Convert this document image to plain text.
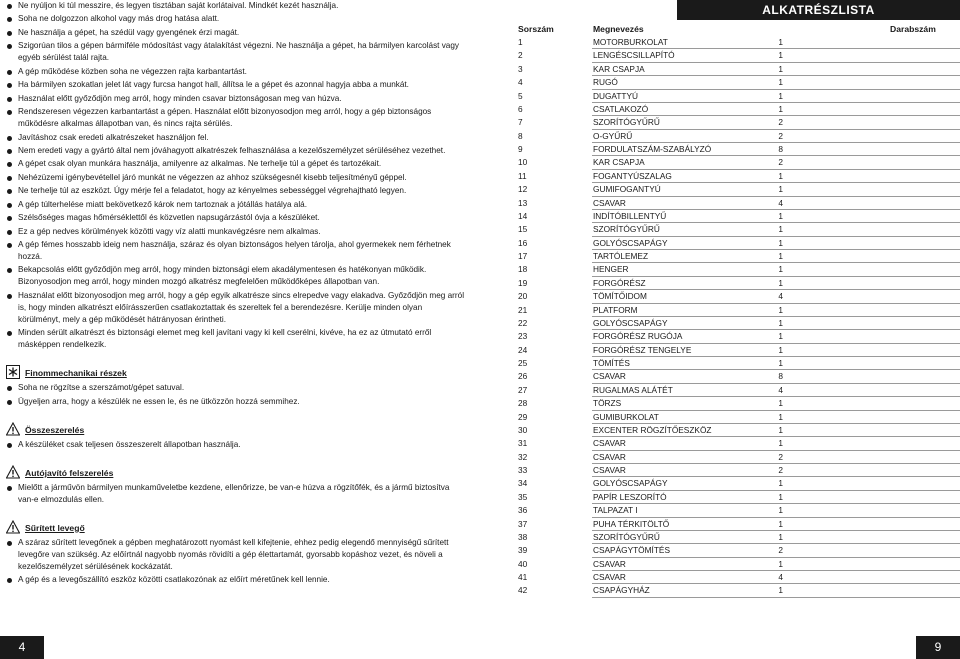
Ne nyúljon ki túl messzire, és legyen tisztában saját korlátaival. Mindkét kezét használja.
Soha ne dolgozzon alkohol vagy más drog hatása alatt.
Ne használja a gépet, ha szédül vagy gyengének érzi magát.
Szigorúan tilos a gépen bármiféle módosítást vagy átalakítást végezni. Ne használja a gépet, ha bármilyen karcolást vagy egyéb sérülést talál rajta.
A gép működése közben soha ne végezzen rajta karbantartást.
Ha bármilyen szokatlan jelet lát vagy furcsa hangot hall, állítsa le a gépet és azonnal hagyja abba a munkát.
Használat előtt győződjön meg arról, hogy minden csavar biztonságosan meg van húzva.
Rendszeresen végezzen karbantartást a gépen. Használat előtt bizonyosodjon meg arról, hogy a gép biztonságos működésre alkalmas állapotban van, és nincs rajta sérülés.
Javításhoz csak eredeti alkatrészeket használjon fel.
Nem eredeti vagy a gyártó által nem jóváhagyott alkatrészek felhasználása a kezelőszemélyzet sérüléséhez vezethet.
A gépet csak olyan munkára használja, amilyenre az alkalmas. Ne terhelje túl a gépet és tartozékait.
Nehézüzemi igénybevétellel járó munkát ne végezzen az ahhoz szükségesnél kisebb teljesítményű géppel.
Ne terhelje túl az eszközt. Úgy mérje fel a feladatot, hogy az kényelmes sebességgel végrehajtható legyen.
A gép túlterhelése miatt bekövetkező károk nem tartoznak a jótállás hatálya alá.
Szélsőséges magas hőmérséklettől és közvetlen napsugárzástól óvja a készüléket.
Ez a gép nedves körülmények közötti vagy víz alatti munkavégzésre nem alkalmas.
A gép fémes hosszabb ideig nem használja, száraz és olyan biztonságos helyen tárolja, ahol gyermekek nem férhetnek hozzá.
Bekapcsolás előtt győződjön meg arról, hogy minden biztonsági elem akadálymentesen és hatékonyan működik. Bizonyosodjon meg arról, hogy minden mozgó alkatrész megfelelően működőképes állapotban van.
Használat előtt bizonyosodjon meg arról, hogy a gép egyik alkatrésze sincs elrepedve vagy elakadva. Győződjön meg arról is, hogy minden alkatrészt előírásszerűen csatlakoztattak és szereltek fel a berendezésre. Kerülje minden olyan körülményt, mely a gép működését hátrányosan érintheti.
Minden sérült alkatrészt és biztonsági elemet meg kell javítani vagy ki kell cserélni, kivéve, ha ez az útmutató erről másképpen rendelkezik.
Finommechanikai részek
Soha ne rögzítse a szerszámot/gépet satuval.
Ügyeljen arra, hogy a készülék ne essen le, és ne ütközzön hozzá semmihez.
Összeszerelés
A készüléket csak teljesen összeszerelt állapotban használja.
Autójavító felszerelés
Mielőtt a járművön bármilyen munkaműveletbe kezdene, ellenőrizze, be van-e húzva a rögzítőfék, és a jármű biztosítva van-e elmozdulás ellen.
Sűrített levegő
A száraz sűrített levegőnek a gépben meghatározott nyomást kell kifejtenie, ehhez pedig elegendő mennyiségű sűrített levegőre van szükség. Az előírtnál nagyobb nyomás rövidíti a gép élettartamát, gyorsabb kopáshoz vezet, és növeli a kezelőszemélyzet sérülésének kockázatát.
A gép és a levegőszállító eszköz közötti csatlakozónak az előírt méretűnek kell lennie.
ALKATRÉSZLISTA
Sorszám	Megnevezés	Darabszám
1	MOTORBURKOLAT	1
2	LENGÉSCSILLAPÍTÓ	1
3	KAR CSAPJA	1
4	RUGÓ	1
5	DUGATTYÚ	1
6	CSATLAKOZÓ	1
7	SZORÍTÓGYŰRŰ	2
8	O-GYŰRŰ	2
9	FORDULATSZÁM-SZABÁLYZÓ	8
10	KAR CSAPJA	2
11	FOGANTYÚSZALAG	1
12	GUMIFOGANTYÚ	1
13	CSAVAR	4
14	INDÍTÓBILLENTYŰ	1
15	SZORÍTÓGYŰRŰ	1
16	GOLYÓSCSAPÁGY	1
17	TARTÓLEMEZ	1
18	HENGER	1
19	FORGÓRÉSZ	1
20	TÖMÍTŐIDOM	4
21	PLATFORM	1
22	GOLYÓSCSAPÁGY	1
23	FORGÓRÉSZ RUGÓJA	1
24	FORGÓRÉSZ TENGELYE	1
25	TÖMÍTÉS	1
26	CSAVAR	8
27	RUGALMAS ALÁTÉT	4
28	TÖRZS	1
29	GUMIBURKOLAT	1
30	EXCENTER RÖGZÍTŐESZKÖZ	1
31	CSAVAR	1
32	CSAVAR	2
33	CSAVAR	2
34	GOLYÓSCSAPÁGY	1
35	PAPÍR LESZORÍTÓ	1
36	TALPAZAT I	1
37	PUHA TÉRKITÖLTŐ	1
38	SZORÍTÓGYŰRŰ	1
39	CSAPÁGYTÖMÍTÉS	2
40	CSAVAR	1
41	CSAVAR	4
42	CSAPÁGYHÁZ	1
4	9
